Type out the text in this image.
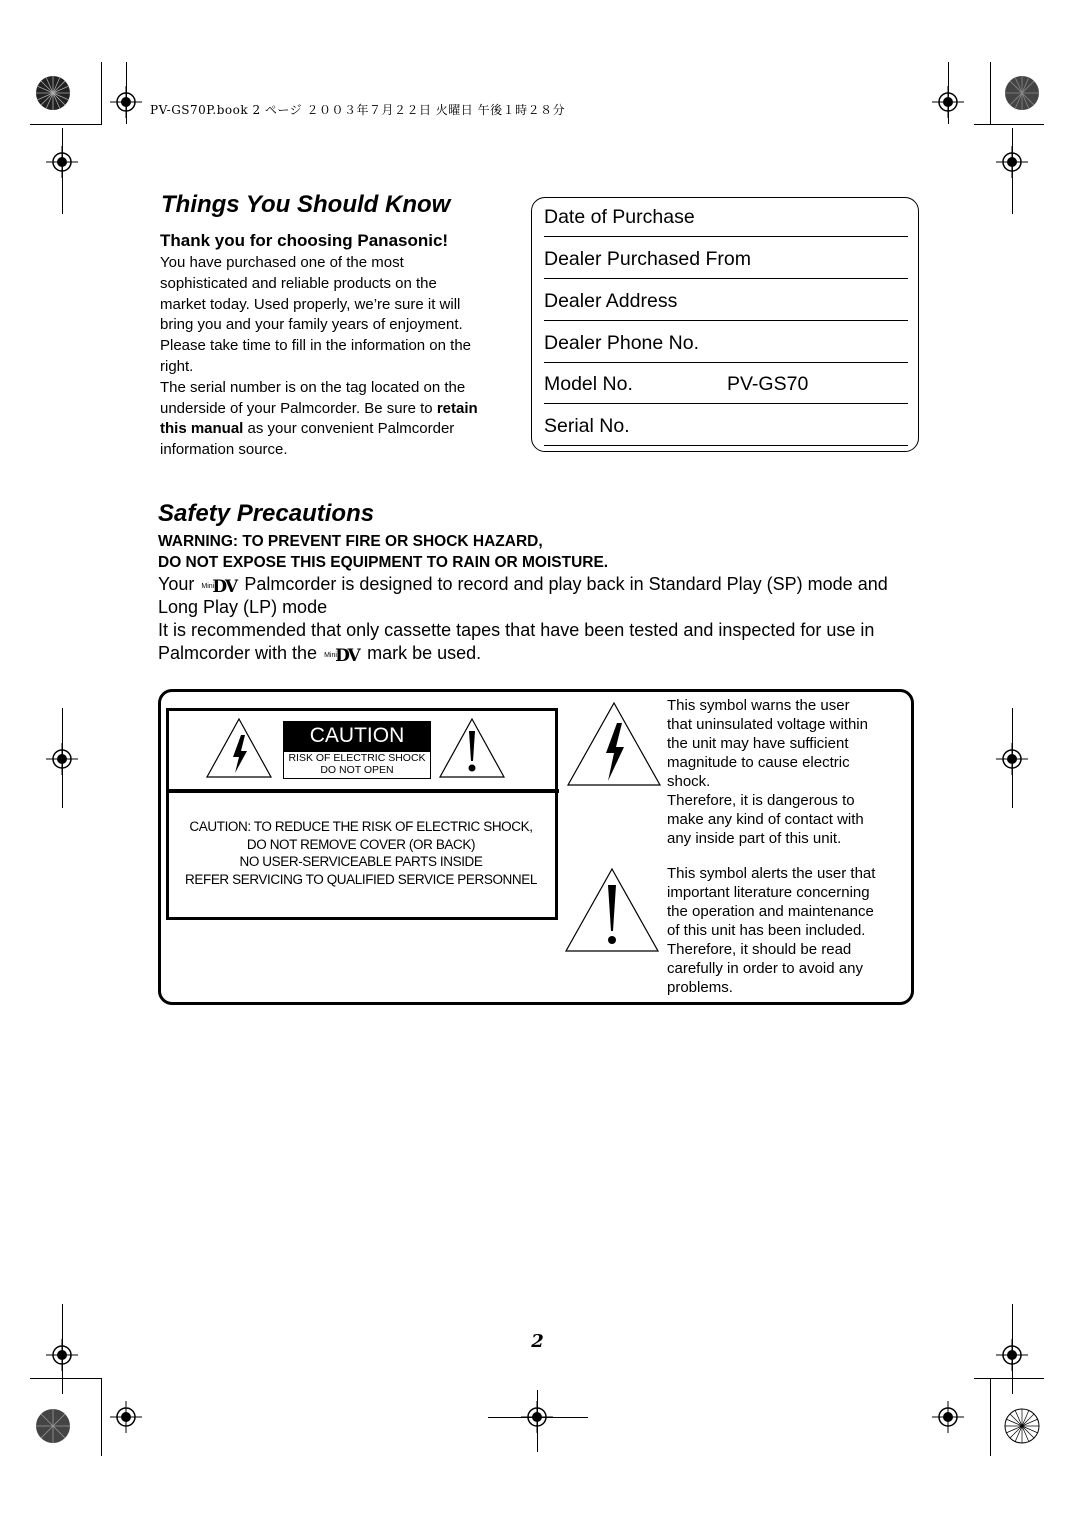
PV-GS70P.book 2 ページ ２００３年７月２２日 火曜日 午後１時２８分
Things You Should Know
Thank you for choosing Panasonic!
You have purchased one of the most
sophisticated and reliable products on the
market today. Used properly, we’re sure it will
bring you and your family years of enjoyment.
Please take time to fill in the information on the
right.
The serial number is on the tag located on the
underside of your Palmcorder. Be sure to retain
this manual as your convenient Palmcorder
information source.
Date of Purchase
Dealer Purchased From
Dealer Address
Dealer Phone No.
Model No.	PV-GS70
Serial No.
Safety Precautions
WARNING: TO PREVENT FIRE OR SHOCK HAZARD,
DO NOT EXPOSE THIS EQUIPMENT TO RAIN OR MOISTURE.
Your Mini
DV Palmcorder is designed to record and play back in Standard Play (SP) mode and
Long Play (LP) mode
It is recommended that only cassette tapes that have been tested and inspected for use in
Palmcorder with the Mini
DV mark be used.
CAUTION
RISK OF ELECTRIC SHOCK
DO NOT OPEN
CAUTION: TO REDUCE THE RISK OF ELECTRIC SHOCK,
DO NOT REMOVE COVER (OR BACK)
NO USER-SERVICEABLE PARTS INSIDE
REFER SERVICING TO QUALIFIED SERVICE PERSONNEL
This symbol warns the user
that uninsulated voltage within
the unit may have sufficient
magnitude to cause electric
shock.
Therefore, it is dangerous to
make any kind of contact with
any inside part of this unit.
This symbol alerts the user that
important literature concerning
the operation and maintenance
of this unit has been included.
Therefore, it should be read
carefully in order to avoid any
problems.
2
